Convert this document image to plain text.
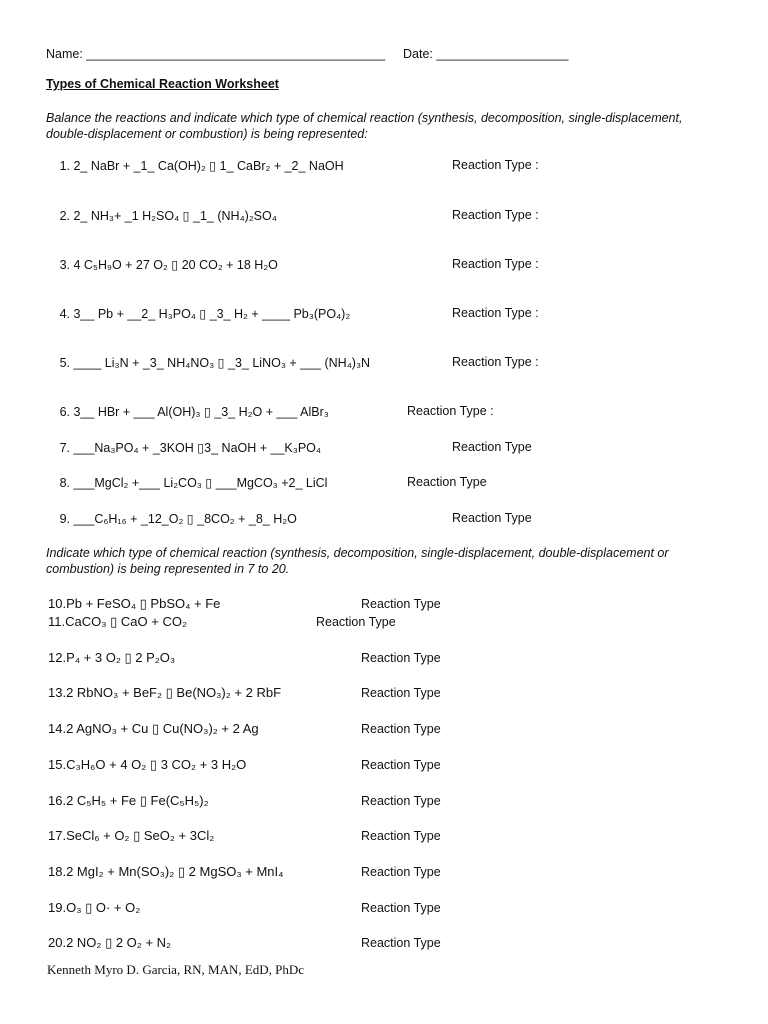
Name: ___________________________________________ Date: ___________________
Types of Chemical Reaction Worksheet
Balance the reactions and indicate which type of chemical reaction (synthesis, decomposition, single-displacement, double-displacement or combustion) is being represented:
1. 2_ NaBr + _1_ Ca(OH)₂ ▯ 1_ CaBr₂ + _2_ NaOH	Reaction Type :
2. 2_ NH₃+ _1 H₂SO₄ ▯ _1_ (NH₄)₂SO₄	Reaction Type :
3. 4 C₅H₉O + 27 O₂ ▯ 20 CO₂ + 18 H₂O	Reaction Type :
4. 3__ Pb + __2_ H₃PO₄ ▯ _3_ H₂ + ____ Pb₃(PO₄)₂	Reaction Type :
5. ____ Li₃N + _3_ NH₄NO₃ ▯ _3_ LiNO₃ + ___ (NH₄)₃N	Reaction Type :
6. 3__ HBr + ___ Al(OH)₃ ▯ _3_ H₂O + ___ AlBr₃	Reaction Type :
7. ___Na₃PO₄ + _3KOH ▯3_ NaOH + __K₃PO₄	Reaction Type
8. ___MgCl₂ +___ Li₂CO₃ ▯ ___MgCO₃ +2_ LiCl	Reaction Type
9. ___C₆H₁₆ + _12_O₂ ▯ _8CO₂ + _8_ H₂O	Reaction Type
Indicate which type of chemical reaction (synthesis, decomposition, single-displacement, double-displacement or combustion) is being represented in 7 to 20.
10.Pb + FeSO₄ ▯ PbSO₄ + Fe	Reaction Type
11.CaCO₃ ▯ CaO + CO₂	Reaction Type
12.P₄ + 3 O₂ ▯ 2 P₂O₃	Reaction Type
13.2 RbNO₃ + BeF₂ ▯ Be(NO₃)₂ + 2 RbF	Reaction Type
14.2 AgNO₃ + Cu ▯ Cu(NO₃)₂ + 2 Ag	Reaction Type
15.C₃H₆O + 4 O₂ ▯ 3 CO₂ + 3 H₂O	Reaction Type
16.2 C₅H₅ + Fe ▯ Fe(C₅H₅)₂	Reaction Type
17.SeCl₆ + O₂ ▯ SeO₂ + 3Cl₂	Reaction Type
18.2 MgI₂ + Mn(SO₃)₂ ▯ 2 MgSO₃ + MnI₄	Reaction Type
19.O₃ ▯ O· + O₂	Reaction Type
20.2 NO₂ ▯ 2 O₂ + N₂	Reaction Type
Kenneth Myro D. Garcia, RN, MAN, EdD, PhDc
